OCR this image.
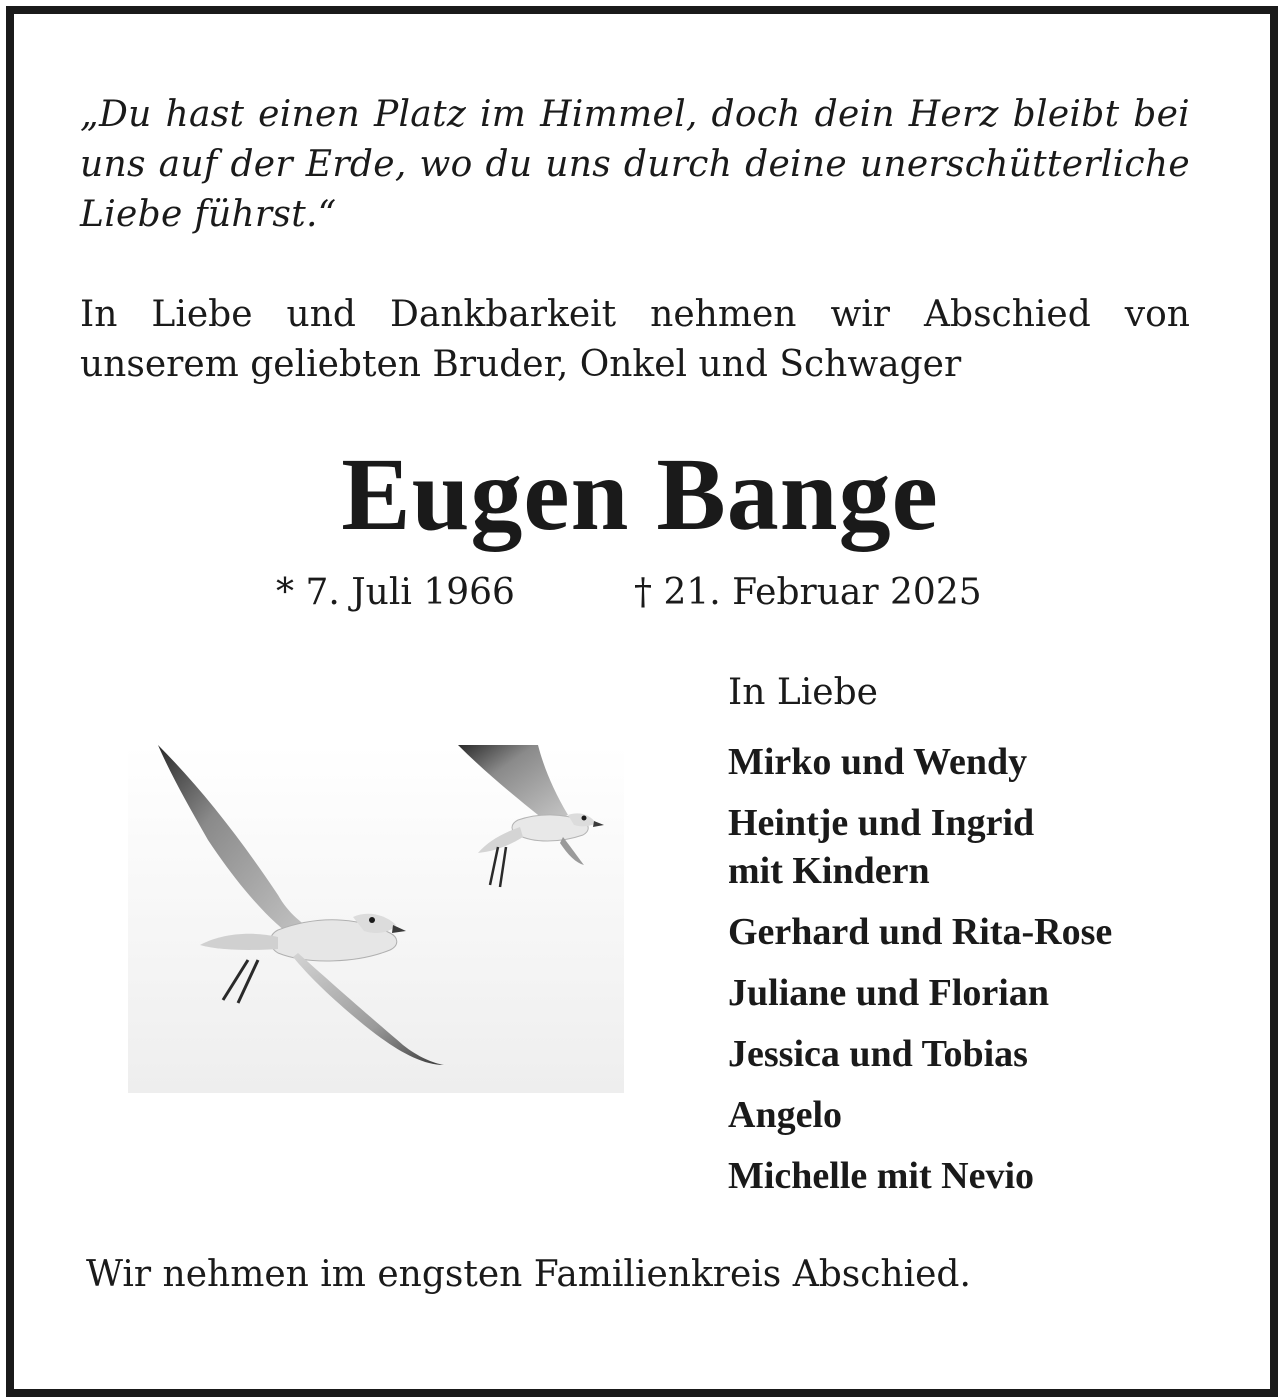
„Du hast einen Platz im Himmel, doch dein Herz bleibt bei uns auf der Erde, wo du uns durch deine unerschütterliche Liebe führst.“

In Liebe und Dankbarkeit nehmen wir Abschied von unserem geliebten Bruder, Onkel und Schwager

Eugen Bange
* 7. Juli 1966	† 21. Februar 2025
In Liebe
Mirko und Wendy
Heintje und Ingrid
mit Kindern
Gerhard und Rita-Rose
Juliane und Florian
Jessica und Tobias
Angelo
Michelle mit Nevio
Wir nehmen im engsten Familienkreis Abschied.
